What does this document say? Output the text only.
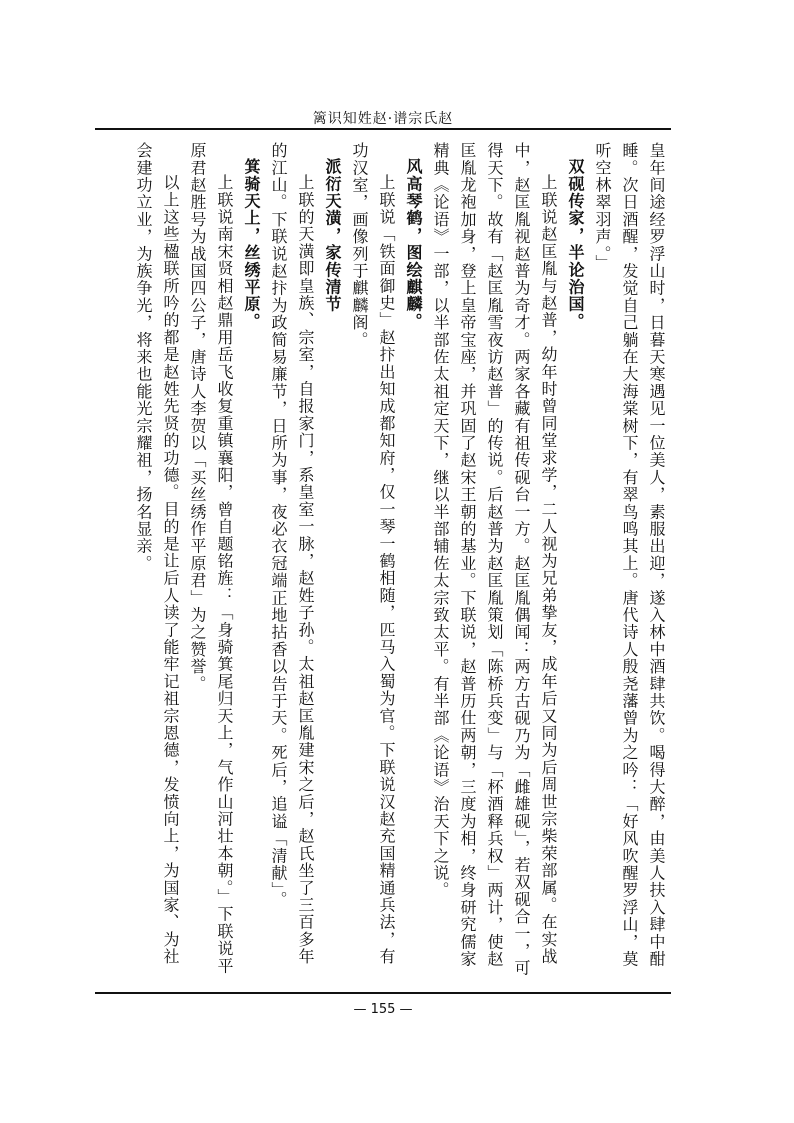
篱识知姓赵·谱宗氏赵

皇年间途经罗浮山时，日暮天寒遇见一位美人，素服出迎，遂入林中酒肆共饮。喝得大醉，由美人扶入肆中酣睡。次日酒醒，发觉自己躺在大海棠树下，有翠鸟鸣其上。唐代诗人殷尧藩曾为之吟：「好风吹醒罗浮山，莫听空林翠羽声。」

双砚传家，半论治国。

上联说赵匡胤与赵普，幼年时曾同堂求学，二人视为兄弟挚友，成年后又同为后周世宗柴荣部属。在实战中，赵匡胤视赵普为奇才。两家各藏有祖传砚台一方。赵匡胤偶闻：两方古砚乃为「雌雄砚」，若双砚合一，可得天下。故有「赵匡胤雪夜访赵普」的传说。后赵普为赵匡胤策划「陈桥兵变」与「杯酒释兵权」两计，使赵匡胤龙袍加身，登上皇帝宝座，并巩固了赵宋王朝的基业。下联说，赵普历仕两朝，三度为相，终身研究儒家精典《论语》一部，以半部佐太祖定天下，继以半部辅佐太宗致太平。有半部《论语》治天下之说。

风高琴鹤，图绘麒麟。

上联说「铁面御史」赵抃出知成都知府，仅一琴一鹤相随，匹马入蜀为官。下联说汉赵充国精通兵法，有功汉室，画像列于麒麟阁。

派衍天潢，家传清节

上联的天潢即皇族、宗室，自报家门，系皇室一脉，赵姓子孙。太祖赵匡胤建宋之后，赵氏坐了三百多年的江山。下联说赵抃为政简易廉节，日所为事，夜必衣冠端正地拈香以告于天。死后，追谥「清献」。

箕骑天上，丝绣平原。

上联说南宋贤相赵鼎用岳飞收复重镇襄阳，曾自题铭旌：「身骑箕尾归天上，气作山河壮本朝。」下联说平原君赵胜号为战国四公子，唐诗人李贺以「买丝绣作平原君」为之赞誉。

以上这些楹联所吟的都是赵姓先贤的功德。目的是让后人读了能牢记祖宗恩德，发愤向上，为国家、为社会建功立业，为族争光，将来也能光宗耀祖，扬名显亲。

— 155 —
